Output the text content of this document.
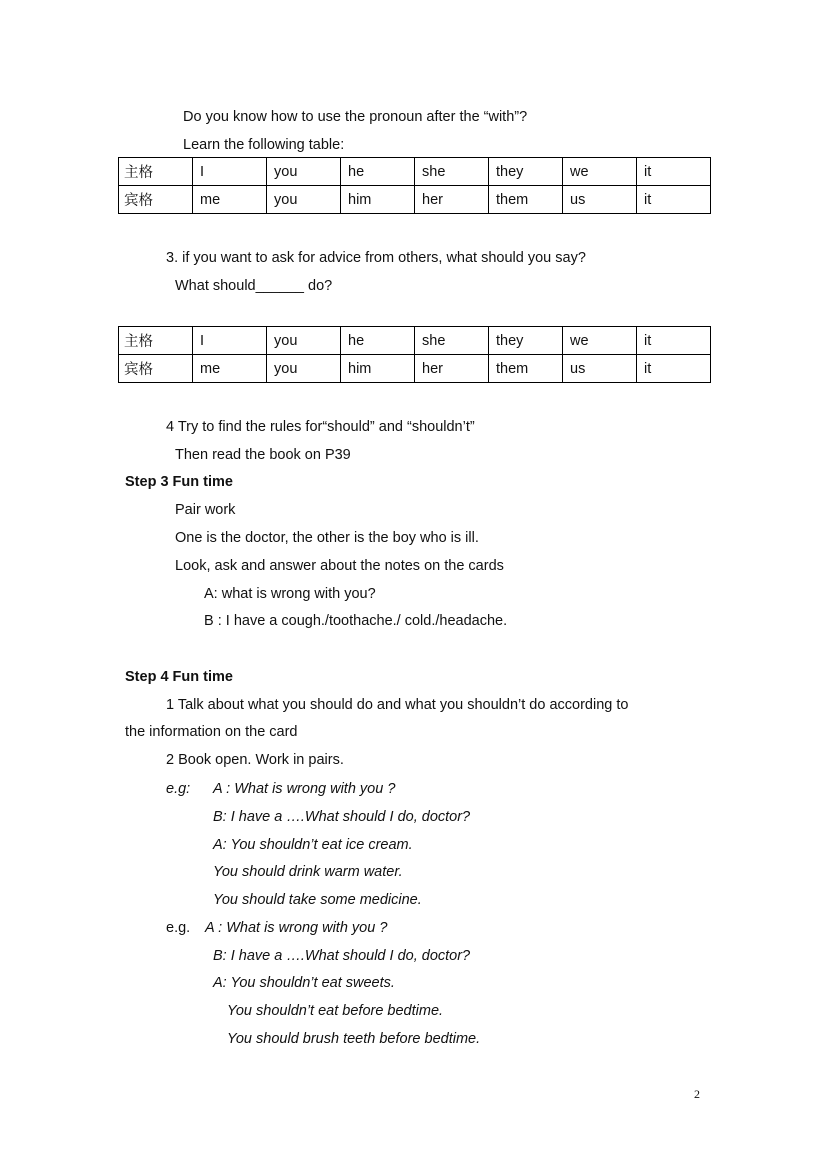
Do you know how to use the pronoun after the “with”?
Learn the following table:
主格	I	you	he	she	they	we	it
宾格	me	you	him	her	them	us	it
3. if you want to ask for advice from others, what should you say?
What should______ do?
主格	I	you	he	she	they	we	it
宾格	me	you	him	her	them	us	it
4 Try to find the rules for“should” and “shouldn’t”
Then read the book on P39
Step 3 Fun time
Pair work
One is the doctor, the other is the boy who is ill.
Look, ask and answer about the notes on the cards
A: what is wrong with you?
B : I have a cough./toothache./ cold./headache.
Step 4 Fun time
1 Talk about what you should do and what you shouldn’t do according to
the information on the card
2 Book open. Work in pairs.
e.g: A : What is wrong with you ?
B: I have a ….What should I do, doctor?
A: You shouldn’t eat ice cream.
You should drink warm water.
You should take some medicine.
e.g. A : What is wrong with you ?
B: I have a ….What should I do, doctor?
A: You shouldn’t eat sweets.
You shouldn’t eat before bedtime.
You should brush teeth before bedtime.
2
